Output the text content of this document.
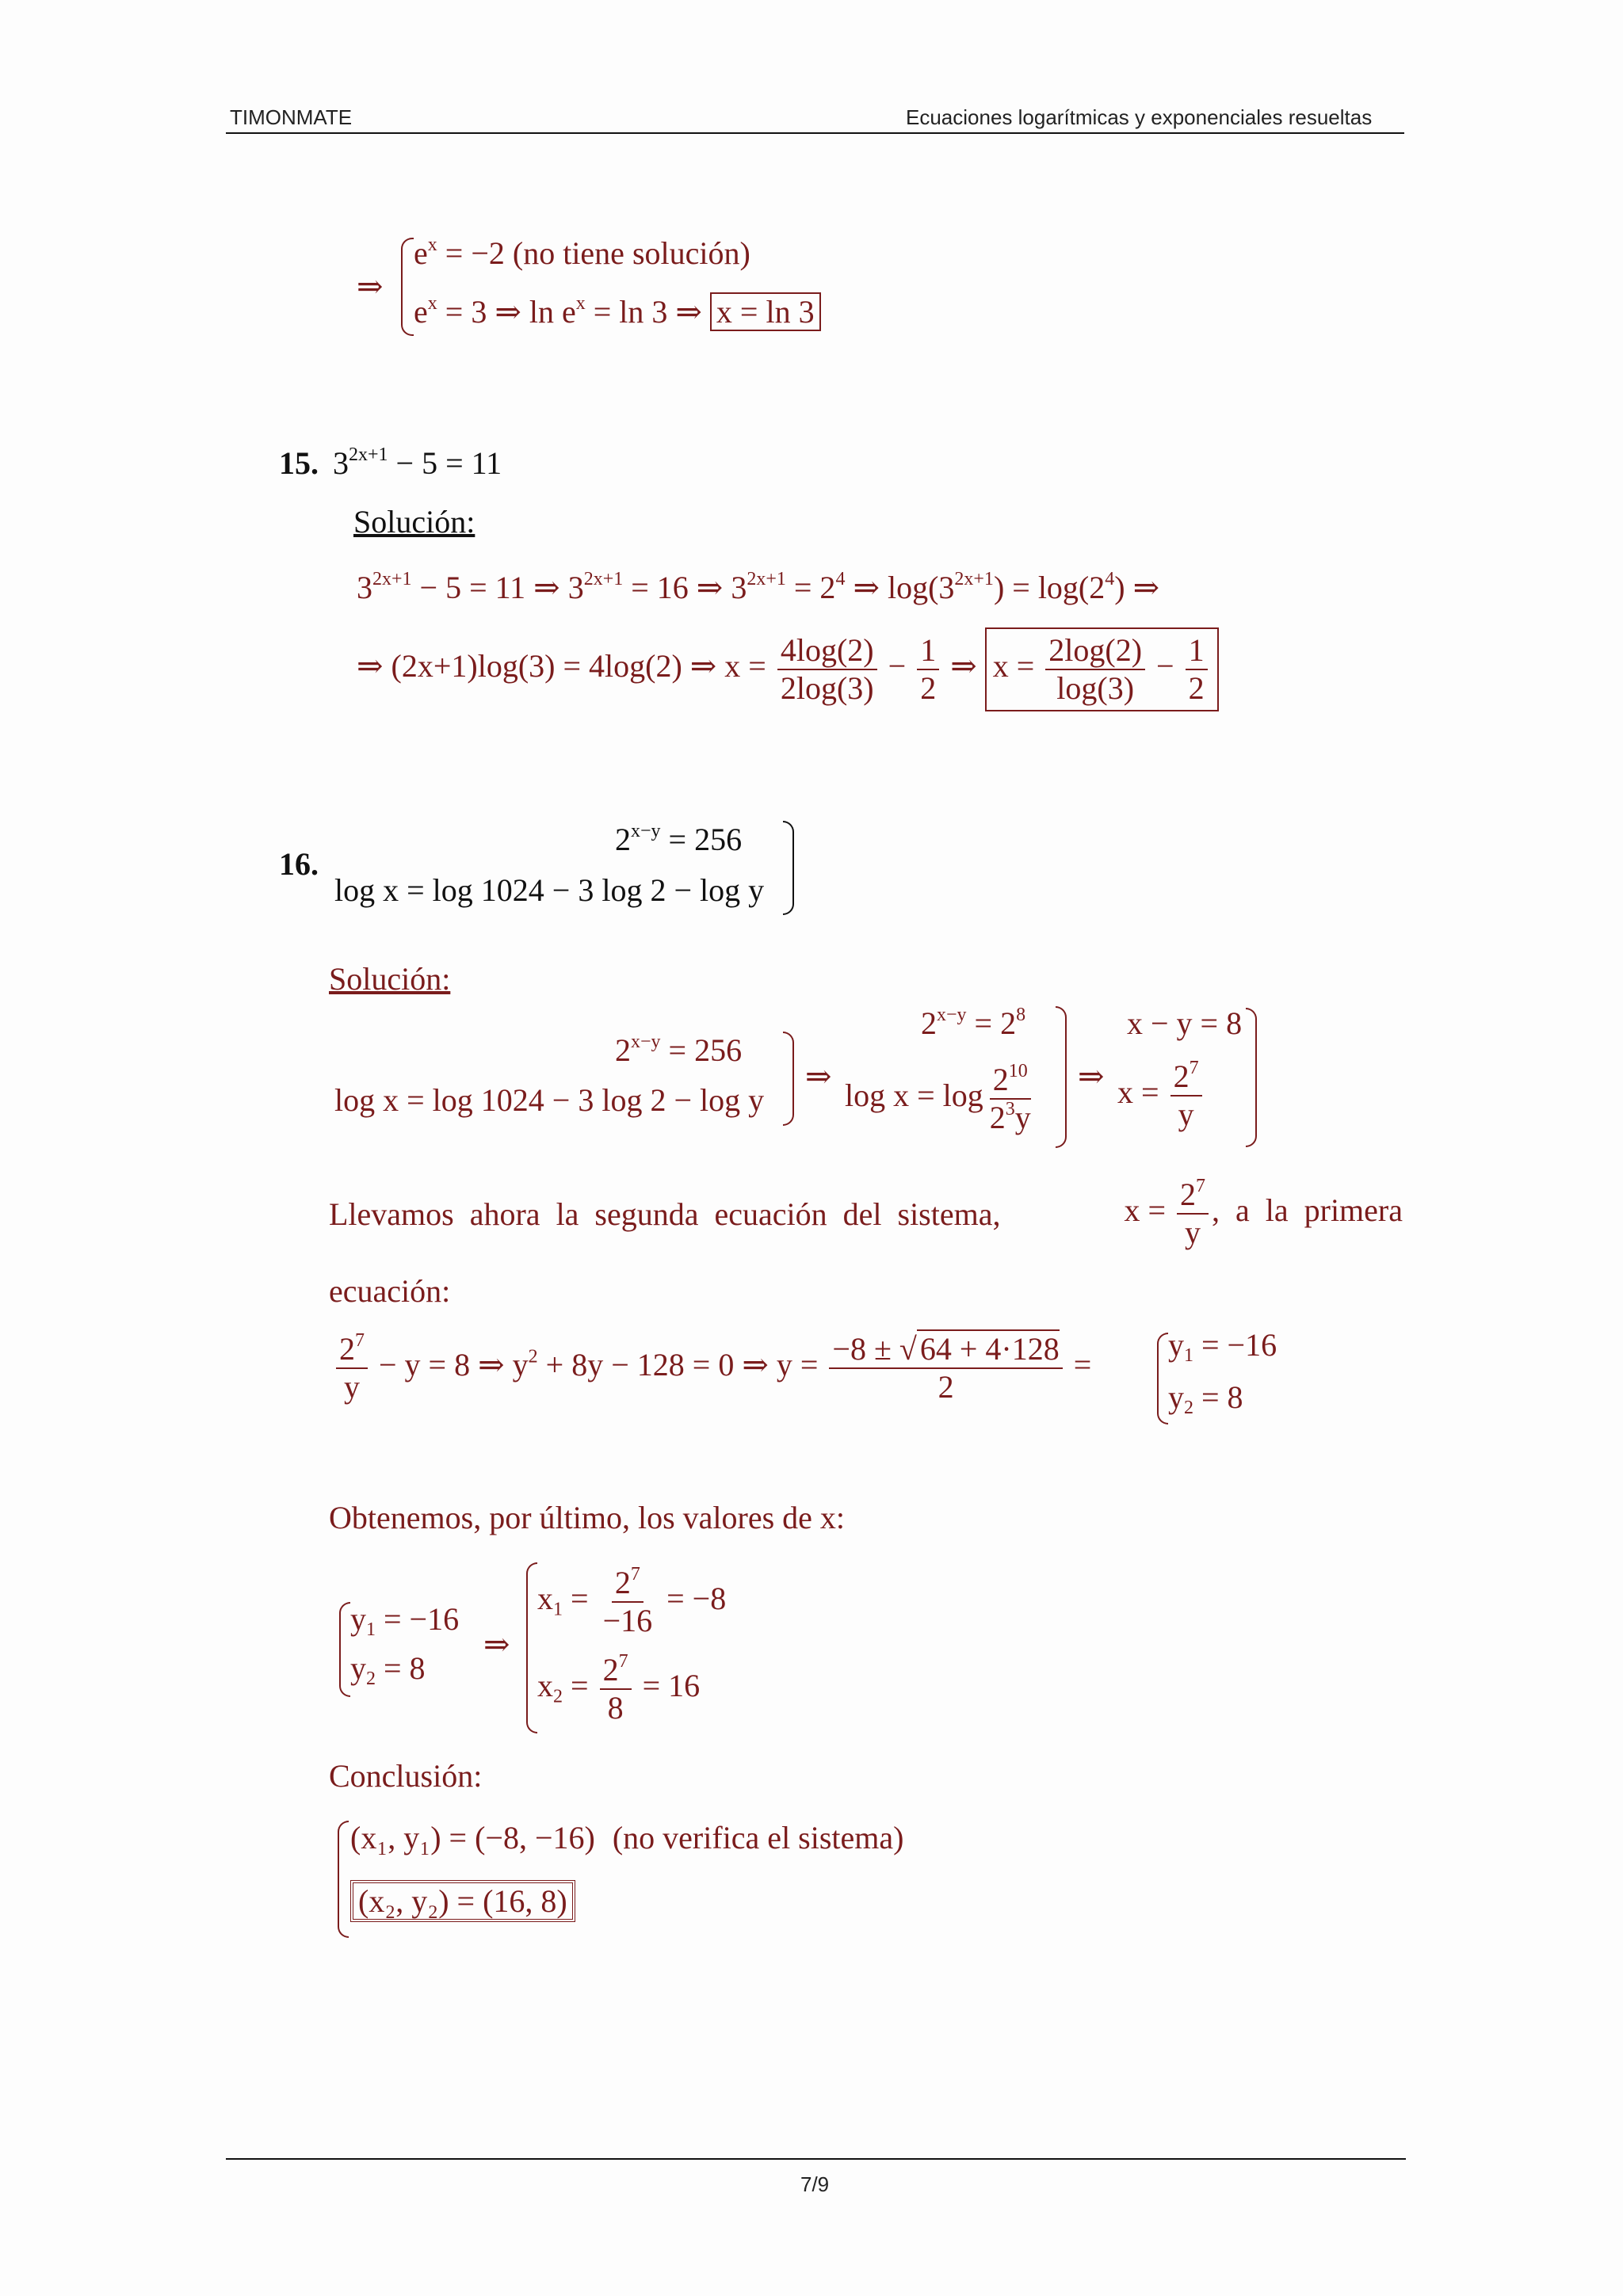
TIMONMATE	Ecuaciones logarítmicas y exponenciales resueltas
⇒
$e^x = -2$ (no tiene solución)
$e^x = 3$ ⇒ $\ln e^x = \ln 3$ ⇒ x = ln 3
15. $3^{2x+1} - 5 = 11$
Solución:
$3^{2x+1} - 5 = 11$ ⇒ $3^{2x+1} = 16$ ⇒ $3^{2x+1} = 2^4$ ⇒ $\log(3^{2x+1}) = \log(2^4)$ ⇒
⇒ (2x+1)log(3) = 4log(2) ⇒ $x = \frac{4\log(2)}{2\log(3)} - \frac{1}{2}$ ⇒ $x = \frac{2\log(2)}{\log(3)} - \frac{1}{2}$
16.
$2^{x-y} = 256$
log x = log 1024 − 3 log 2 − log y
Solución:
$2^{x-y} = 256$
log x = log 1024 − 3 log 2 − log y
⇒
$2^{x-y} = 2^8$
$\log x = \log \frac{2^{10}}{2^3y}$ ⇒
x − y = 8
$x = \frac{2^7}{y}$
Llevamos ahora la segunda ecuación del sistema,	$x = \frac{2^7}{y}$ , a la primera
ecuación:
$\frac{2^7}{y} - y = 8$ ⇒ $y^2 + 8y - 128 = 0$ ⇒ $y = \frac{-8 \pm √ 64 + 4\cdot 128}{2}$ =
$y_1 = -16$
$y_2 = 8$
Obtenemos, por último, los valores de x:
$y_1 = -16$
$y_2 = 8$
⇒
$x_1 = \frac{2^7}{-16} = -8$
$x_2 = \frac{2^7}{8} = 16$
Conclusión:
(x₁, y₁) = (−8, −16) (no verifica el sistema)
(x₂, y₂) = (16, 8)
7/9
